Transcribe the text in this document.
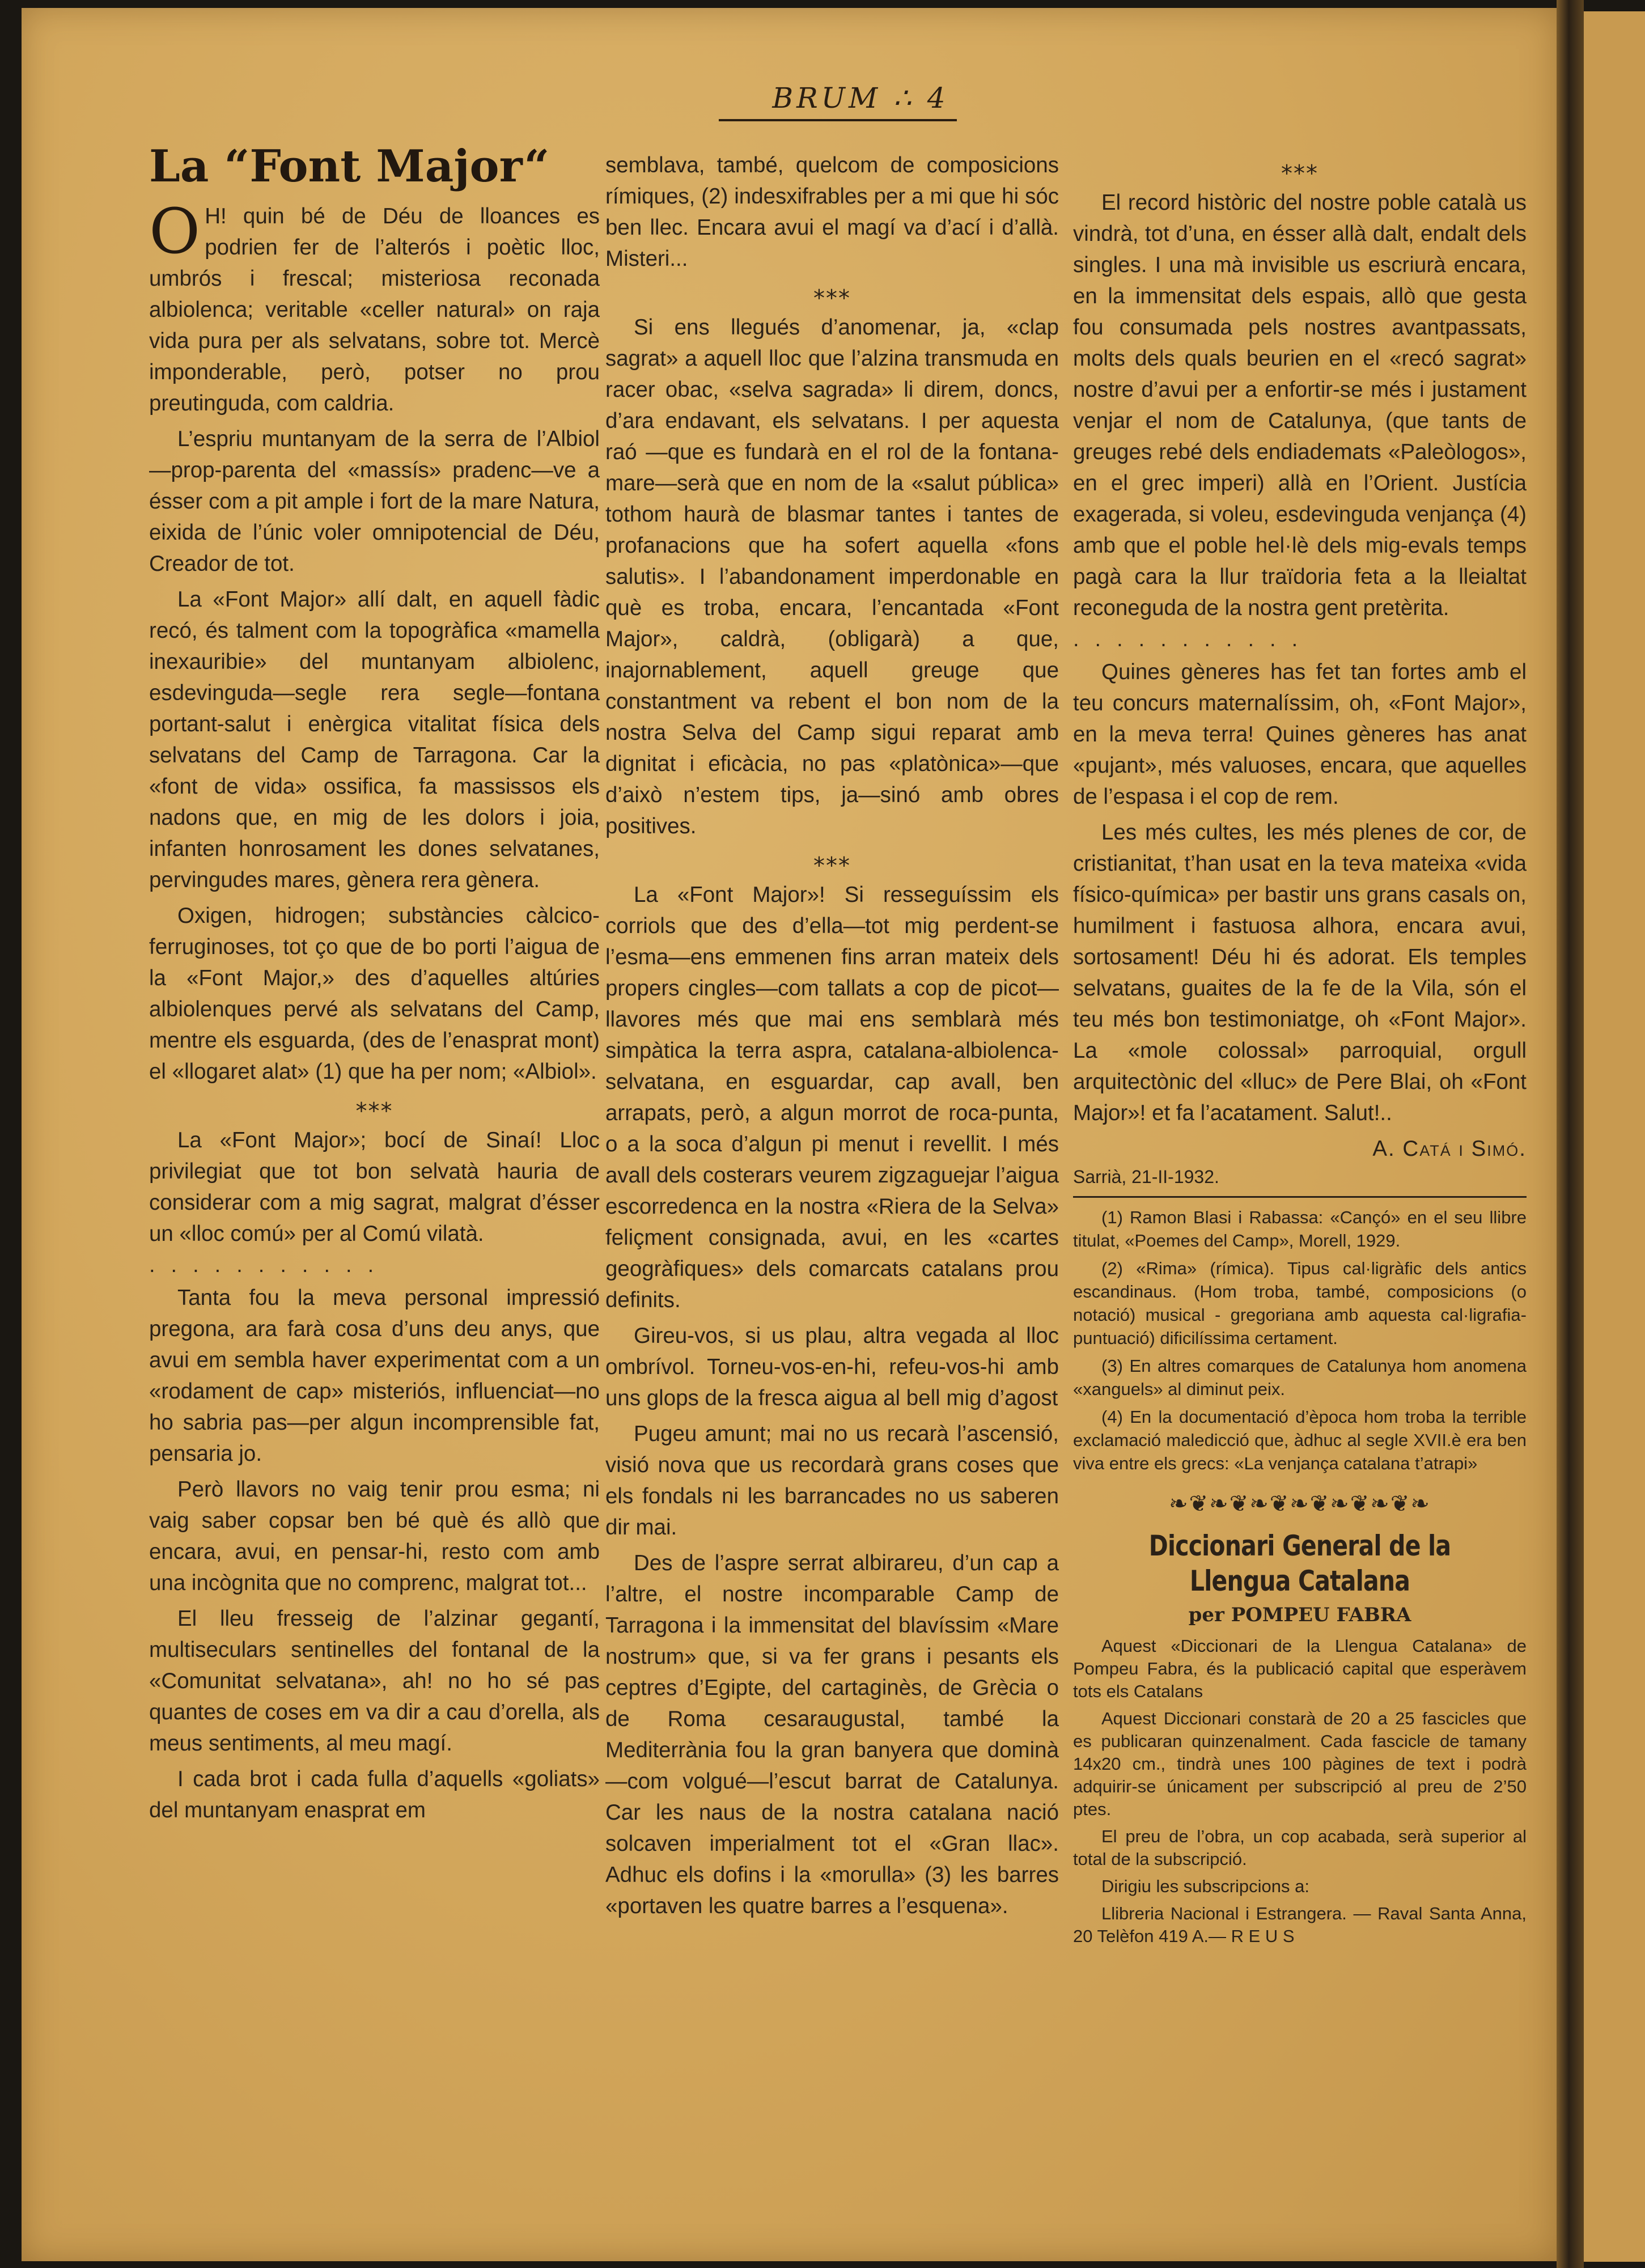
BRUM ∴ 4
La “Font Major“

O H! quin bé de Déu de lloances es podrien fer de l’alterós i poètic lloc, umbrós i frescal; misteriosa reconada albiolenca; veritable «celler natural» on raja vida pura per als selvatans, sobre tot. Mercè imponderable, però, potser no prou preutinguda, com caldria.

L’espriu muntanyam de la serra de l’Albiol—prop-parenta del «massís» pradenc—ve a ésser com a pit ample i fort de la mare Natura, eixida de l’únic voler omnipotencial de Déu, Creador de tot.

La «Font Major» allí dalt, en aquell fàdic recó, és talment com la topogràfica «mamella inexauribie» del muntanyam albiolenc, esdevinguda—segle rera segle—fontana portant-salut i enèrgica vitalitat física dels selvatans del Camp de Tarragona. Car la «font de vida» ossifica, fa massissos els nadons que, en mig de les dolors i joia, infanten honrosament les dones selvatanes, pervingudes mares, gènera rera gènera.

Oxigen, hidrogen; substàncies càlcico-ferruginoses, tot ço que de bo porti l’aigua de la «Font Major,» des d’aquelles altúries albiolenques pervé als selvatans del Camp, mentre els esguarda, (des de l’enasprat mont) el «llogaret alat» (1) que ha per nom; «Albiol».

⁎⁎⁎

La «Font Major»; bocí de Sinaí! Lloc privilegiat que tot bon selvatà hauria de considerar com a mig sagrat, malgrat d’ésser un «lloc comú» per al Comú vilatà.

...........

Tanta fou la meva personal impressió pregona, ara farà cosa d’uns deu anys, que avui em sembla haver experimentat com a un «rodament de cap» misteriós, influenciat—no ho sabria pas—per algun incomprensible fat, pensaria jo.

Però llavors no vaig tenir prou esma; ni vaig saber copsar ben bé què és allò que encara, avui, en pensar-hi, resto com amb una incògnita que no comprenc, malgrat tot...

El lleu fresseig de l’alzinar gegantí, multiseculars sentinelles del fontanal de la «Comunitat selvatana», ah! no ho sé pas quantes de coses em va dir a cau d’orella, als meus sentiments, al meu magí.

I cada brot i cada fulla d’aquells «goliats» del muntanyam enasprat em

semblava, també, quelcom de composicions rímiques, (2) indesxifrables per a mi que hi sóc ben llec. Encara avui el magí va d’ací i d’allà. Misteri...

⁎⁎⁎

Si ens llegués d’anomenar, ja, «clap sagrat» a aquell lloc que l’alzina transmuda en racer obac, «selva sagrada» li direm, doncs, d’ara endavant, els selvatans. I per aquesta raó —que es fundarà en el rol de la fontana-mare—serà que en nom de la «salut pública» tothom haurà de blasmar tantes i tantes de profanacions que ha sofert aquella «fons salutis». I l’abandonament imperdonable en què es troba, encara, l’encantada «Font Major», caldrà, (obligarà) a que, inajornablement, aquell greuge que constantment va rebent el bon nom de la nostra Selva del Camp sigui reparat amb dignitat i eficàcia, no pas «platònica»—que d’això n’estem tips, ja—sinó amb obres positives.

⁎⁎⁎

La «Font Major»! Si resseguíssim els corriols que des d’ella—tot mig perdent-se l’esma—ens emmenen fins arran mateix dels propers cingles—com tallats a cop de picot—llavores més que mai ens semblarà més simpàtica la terra aspra, catalana-albiolenca-selvatana, en esguardar, cap avall, ben arrapats, però, a algun morrot de roca-punta, o a la soca d’algun pi menut i revellit. I més avall dels costerars veurem zigzaguejar l’aigua escorredenca en la nostra «Riera de la Selva» feliçment consignada, avui, en les «cartes geogràfiques» dels comarcats catalans prou definits.

Gireu-vos, si us plau, altra vegada al lloc ombrívol. Torneu-vos-en-hi, refeu-vos-hi amb uns glops de la fresca aigua al bell mig d’agost

Pugeu amunt; mai no us recarà l’ascensió, visió nova que us recordarà grans coses que els fondals ni les barrancades no us saberen dir mai.

Des de l’aspre serrat albirareu, d’un cap a l’altre, el nostre incomparable Camp de Tarragona i la immensitat del blavíssim «Mare nostrum» que, si va fer grans i pesants els ceptres d’Egipte, del cartaginès, de Grècia o de Roma cesaraugustal, també la Mediterrània fou la gran banyera que dominà—com volgué—l’escut barrat de Catalunya. Car les naus de la nostra catalana nació solcaven imperialment tot el «Gran llac». Adhuc els dofins i la «morulla» (3) les barres «portaven les quatre barres a l’esquena».

⁎⁎⁎

El record històric del nostre poble català us vindrà, tot d’una, en ésser allà dalt, endalt dels singles. I una mà invisible us escriurà encara, en la immensitat dels espais, allò que gesta fou consumada pels nostres avantpassats, molts dels quals beurien en el «recó sagrat» nostre d’avui per a enfortir-se més i justament venjar el nom de Catalunya, (que tants de greuges rebé dels endiademats «Paleòlogos», en el grec imperi) allà en l’Orient. Justícia exagerada, si voleu, esdevinguda venjança (4) amb que el poble hel·lè dels mig-evals temps pagà cara la llur traïdoria feta a la lleialtat reconeguda de la nostra gent pretèrita.

...........

Quines gèneres has fet tan fortes amb el teu concurs maternalíssim, oh, «Font Major», en la meva terra! Quines gèneres has anat «pujant», més valuoses, encara, que aquelles de l’espasa i el cop de rem.

Les més cultes, les més plenes de cor, de cristianitat, t’han usat en la teva mateixa «vida físico-química» per bastir uns grans casals on, humilment i fastuosa alhora, encara avui, sortosament! Déu hi és adorat. Els temples selvatans, guaites de la fe de la Vila, són el teu més bon testimoniatge, oh «Font Major». La «mole colossal» parroquial, orgull arquitectònic del «lluc» de Pere Blai, oh «Font Major»! et fa l’acatament. Salut!..

A. Catá i Simó.
Sarrià, 21-II-1932.

(1) Ramon Blasi i Rabassa: «Cançó» en el seu llibre titulat, «Poemes del Camp», Morell, 1929.

(2) «Rima» (rímica). Tipus cal·ligràfic dels antics escandinaus. (Hom troba, també, composicions (o notació) musical - gregoriana amb aquesta cal·ligrafia-puntuació) dificilíssima certament.

(3) En altres comarques de Catalunya hom anomena «xanguels» al diminut peix.

(4) En la documentació d’època hom troba la terrible exclamació maledicció que, àdhuc al segle XVII.è era ben viva entre els grecs: «La venjança catalana t’atrapi»

❧❦❧❦❧❦❧❦❧❦❧❦❧
Diccionari General de la Llengua Catalana
per POMPEU FABRA

Aquest «Diccionari de la Llengua Catalana» de Pompeu Fabra, és la publicació capital que esperàvem tots els Catalans

Aquest Diccionari constarà de 20 a 25 fascicles que es publicaran quinzenalment. Cada fascicle de tamany 14x20 cm., tindrà unes 100 pàgines de text i podrà adquirir-se únicament per subscripció al preu de 2’50 ptes.

El preu de l’obra, un cop acabada, serà superior al total de la subscripció.

Dirigiu les subscripcions a:

Llibreria Nacional i Estrangera. — Raval Santa Anna, 20 Telèfon 419 A.— R E U S
